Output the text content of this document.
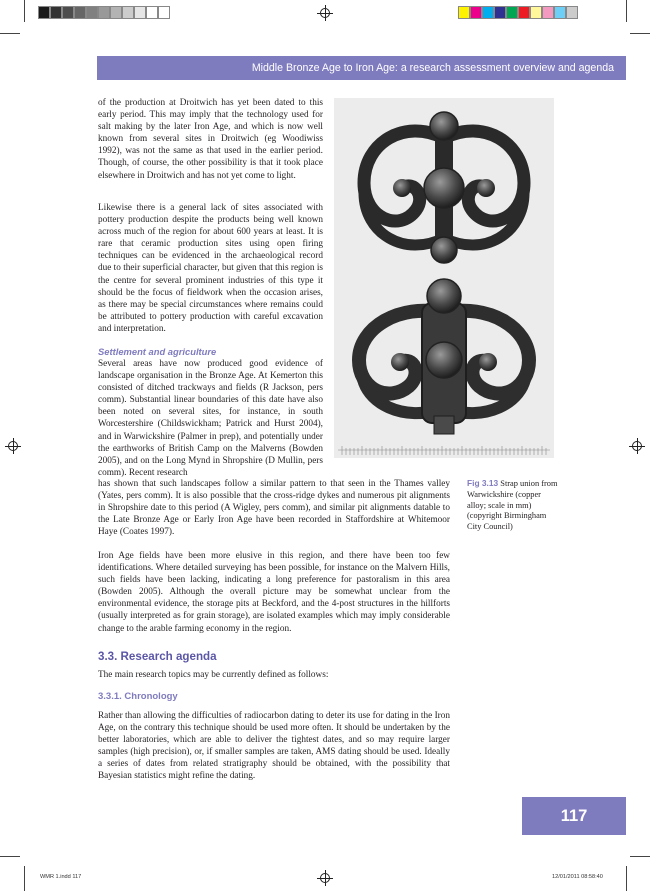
Middle Bronze Age to Iron Age: a research assessment overview and agenda

of the production at Droitwich has yet been dated to this early period. This may imply that the technology used for salt making by the later Iron Age, and which is now well known from several sites in Droitwich (eg Woodiwiss 1992), was not the same as that used in the earlier period. Though, of course, the other possibility is that it took place elsewhere in Droitwich and has not yet come to light.

Likewise there is a general lack of sites associated with pottery production despite the products being well known across much of the region for about 600 years at least. It is rare that ceramic production sites using open firing techniques can be evidenced in the archaeological record due to their superficial character, but given that this region is the centre for several prominent industries of this type it should be the focus of fieldwork when the occasion arises, as there may be special circumstances where remains could be attributed to pottery production with careful excavation and interpretation.

Settlement and agriculture

Several areas have now produced good evidence of landscape organisation in the Bronze Age. At Kemerton this consisted of ditched trackways and fields (R Jackson, pers comm). Substantial linear boundaries of this date have also been noted on several sites, for instance, in south Worcestershire (Childswickham; Patrick and Hurst 2004), and in Warwickshire (Palmer in prep), and potentially under the earthworks of British Camp on the Malverns (Bowden 2005), and on the Long Mynd in Shropshire (D Mullin, pers comm). Recent research

has shown that such landscapes follow a similar pattern to that seen in the Thames valley (Yates, pers comm). It is also possible that the cross-ridge dykes and numerous pit alignments in Shropshire date to this period (A Wigley, pers comm), and similar pit alignments datable to the Late Bronze Age or Early Iron Age have been recorded in Staffordshire at Whitemoor Haye (Coates 1997).

Iron Age fields have been more elusive in this region, and there have been too few identifications. Where detailed surveying has been possible, for instance on the Malvern Hills, such fields have been lacking, indicating a long preference for pastoralism in this area (Bowden 2005). Although the overall picture may be somewhat unclear from the environmental evidence, the storage pits at Beckford, and the 4-post structures in the hillforts (usually interpreted as for grain storage), are isolated examples which may imply considerable change to the arable farming economy in the region.

3.3. Research agenda

The main research topics may be currently defined as follows:

3.3.1. Chronology

Rather than allowing the difficulties of radiocarbon dating to deter its use for dating in the Iron Age, on the contrary this technique should be used more often. It should be undertaken by the better laboratories, which are able to deliver the tightest dates, and so may require larger samples (high precision), or, if smaller samples are taken, AMS dating should be used. Ideally a series of dates from related stratigraphy should be obtained, with the possibility that Bayesian statistics might refine the dating.

Fig 3.13 Strap union from Warwickshire (copper alloy; scale in mm) (copyright Birmingham City Council)

117
WMR 1.indd 117	12/01/2011 08:58:40
